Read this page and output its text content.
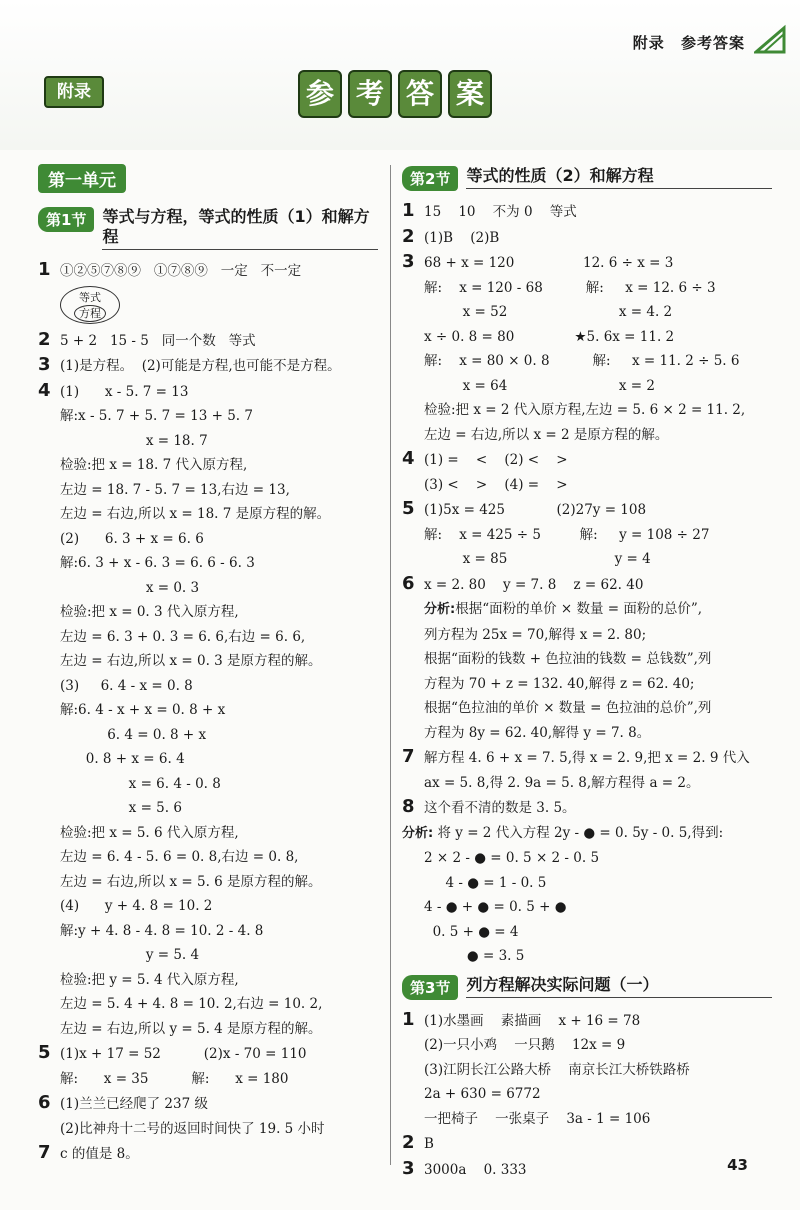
附录 参考答案
附录	参 考 答 案
第一单元
第1节	等式与方程，等式的性质（1）和解方程
1 ①②⑤⑦⑧⑨   ①⑦⑧⑨   一定   不一定
等式
方程
2 5 + 2   15 - 5   同一个数   等式
3 (1)是方程。  (2)可能是方程,也可能不是方程。
4 (1)      x - 5. 7 = 13
解:x - 5. 7 + 5. 7 = 13 + 5. 7
x = 18. 7
检验:把 x = 18. 7 代入原方程,
左边 = 18. 7 - 5. 7 = 13,右边 = 13,
左边 = 右边,所以 x = 18. 7 是原方程的解。
(2)      6. 3 + x = 6. 6
解:6. 3 + x - 6. 3 = 6. 6 - 6. 3
x = 0. 3
检验:把 x = 0. 3 代入原方程,
左边 = 6. 3 + 0. 3 = 6. 6,右边 = 6. 6,
左边 = 右边,所以 x = 0. 3 是原方程的解。
(3)     6. 4 - x = 0. 8
解:6. 4 - x + x = 0. 8 + x
6. 4 = 0. 8 + x
0. 8 + x = 6. 4
x = 6. 4 - 0. 8
x = 5. 6
检验:把 x = 5. 6 代入原方程,
左边 = 6. 4 - 5. 6 = 0. 8,右边 = 0. 8,
左边 = 右边,所以 x = 5. 6 是原方程的解。
(4)      y + 4. 8 = 10. 2
解:y + 4. 8 - 4. 8 = 10. 2 - 4. 8
y = 5. 4
检验:把 y = 5. 4 代入原方程,
左边 = 5. 4 + 4. 8 = 10. 2,右边 = 10. 2,
左边 = 右边,所以 y = 5. 4 是原方程的解。
5 (1)x + 17 = 52          (2)x - 70 = 110
解:      x = 35          解:      x = 180
6 (1)兰兰已经爬了 237 级
(2)比神舟十二号的返回时间快了 19. 5 小时
7 c 的值是 8。
第2节	等式的性质（2）和解方程
1 15    10    不为 0    等式
2 (1)B    (2)B
3 68 + x = 120                12. 6 ÷ x = 3
解:    x = 120 - 68          解:     x = 12. 6 ÷ 3
x = 52                          x = 4. 2
x ÷ 0. 8 = 80              ★5. 6x = 11. 2
解:    x = 80 × 0. 8          解:     x = 11. 2 ÷ 5. 6
x = 64                          x = 2
检验:把 x = 2 代入原方程,左边 = 5. 6 × 2 = 11. 2,
左边 = 右边,所以 x = 2 是原方程的解。
4 (1) =    <    (2) <    >
(3) <    >    (4) =    >
5 (1)5x = 425            (2)27y = 108
解:    x = 425 ÷ 5         解:     y = 108 ÷ 27
x = 85                         y = 4
6 x = 2. 80    y = 7. 8    z = 62. 40
分析:根据“面粉的单价 × 数量 = 面粉的总价”,
列方程为 25x = 70,解得 x = 2. 80;
根据“面粉的钱数 + 色拉油的钱数 = 总钱数”,列
方程为 70 + z = 132. 40,解得 z = 62. 40;
根据“色拉油的单价 × 数量 = 色拉油的总价”,列
方程为 8y = 62. 40,解得 y = 7. 8。
7 解方程 4. 6 + x = 7. 5,得 x = 2. 9,把 x = 2. 9 代入
ax = 5. 8,得 2. 9a = 5. 8,解方程得 a = 2。
8 这个看不清的数是 3. 5。
分析: 将 y = 2 代入方程 2y - ● = 0. 5y - 0. 5,得到:
2 × 2 - ● = 0. 5 × 2 - 0. 5
4 - ● = 1 - 0. 5
4 - ● + ● = 0. 5 + ●
0. 5 + ● = 4
● = 3. 5
第3节	列方程解决实际问题（一）
1 (1)水墨画    素描画    x + 16 = 78
(2)一只小鸡    一只鹅    12x = 9
(3)江阴长江公路大桥    南京长江大桥铁路桥
2a + 630 = 6772
一把椅子    一张桌子    3a - 1 = 106
2 B
3 3000a    0. 333	43
